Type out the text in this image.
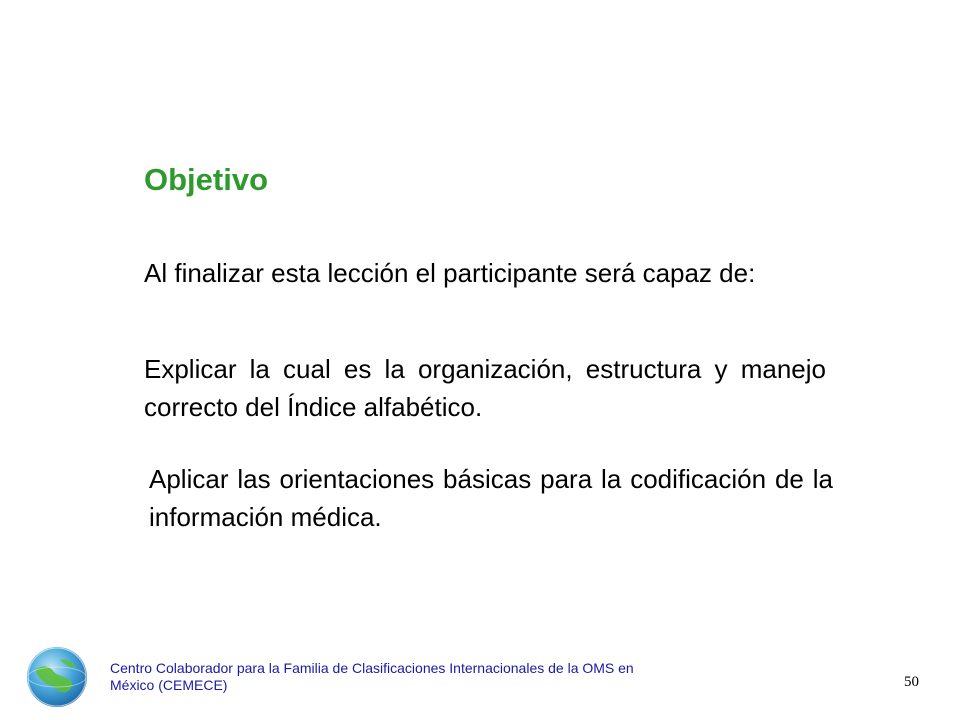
Objetivo

Al finalizar esta lección el participante será capaz de:

Explicar la cual es la organización, estructura y manejo correcto del Índice alfabético.

Aplicar las orientaciones básicas para la codificación de la información médica.

Centro Colaborador para la Familia de Clasificaciones Internacionales de la OMS en México (CEMECE)	50
